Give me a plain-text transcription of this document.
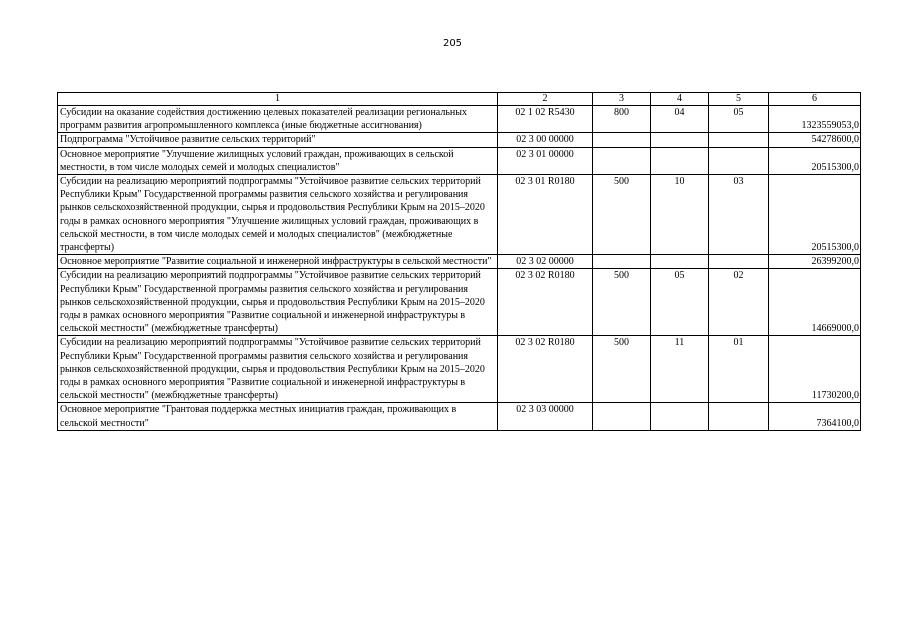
205
1	2	3	4	5	6
Субсидии на оказание содействия достижению целевых показателей реализации региональных программ развития агропромышленного комплекса (иные бюджетные ассигнования)	02 1 02 R5430	800	04	05	1323559053,0
Подпрограмма "Устойчивое развитие сельских территорий"	02 3 00 00000				54278600,0
Основное мероприятие "Улучшение жилищных условий граждан, проживающих в сельской местности, в том числе молодых семей и молодых специалистов"	02 3 01 00000				20515300,0
Субсидии на реализацию мероприятий подпрограммы "Устойчивое развитие сельских территорий Республики Крым" Государственной программы развития сельского хозяйства и регулирования рынков сельскохозяйственной продукции, сырья и продовольствия Республики Крым на 2015–2020 годы в рамках основного мероприятия "Улучшение жилищных условий граждан, проживающих в сельской местности, в том числе молодых семей и молодых специалистов" (межбюджетные трансферты)	02 3 01 R0180	500	10	03	20515300,0
Основное мероприятие "Развитие социальной и инженерной инфраструктуры в сельской местности"	02 3 02 00000				26399200,0
Субсидии на реализацию мероприятий подпрограммы "Устойчивое развитие сельских территорий Республики Крым" Государственной программы развития сельского хозяйства и регулирования рынков сельскохозяйственной продукции, сырья и продовольствия Республики Крым на 2015–2020 годы в рамках основного мероприятия "Развитие социальной и инженерной инфраструктуры в сельской местности" (межбюджетные трансферты)	02 3 02 R0180	500	05	02	14669000,0
Субсидии на реализацию мероприятий подпрограммы "Устойчивое развитие сельских территорий Республики Крым" Государственной программы развития сельского хозяйства и регулирования рынков сельскохозяйственной продукции, сырья и продовольствия Республики Крым на 2015–2020 годы в рамках основного мероприятия "Развитие социальной и инженерной инфраструктуры в сельской местности" (межбюджетные трансферты)	02 3 02 R0180	500	11	01	11730200,0
Основное мероприятие "Грантовая поддержка местных инициатив граждан, проживающих в сельской местности"	02 3 03 00000				7364100,0
